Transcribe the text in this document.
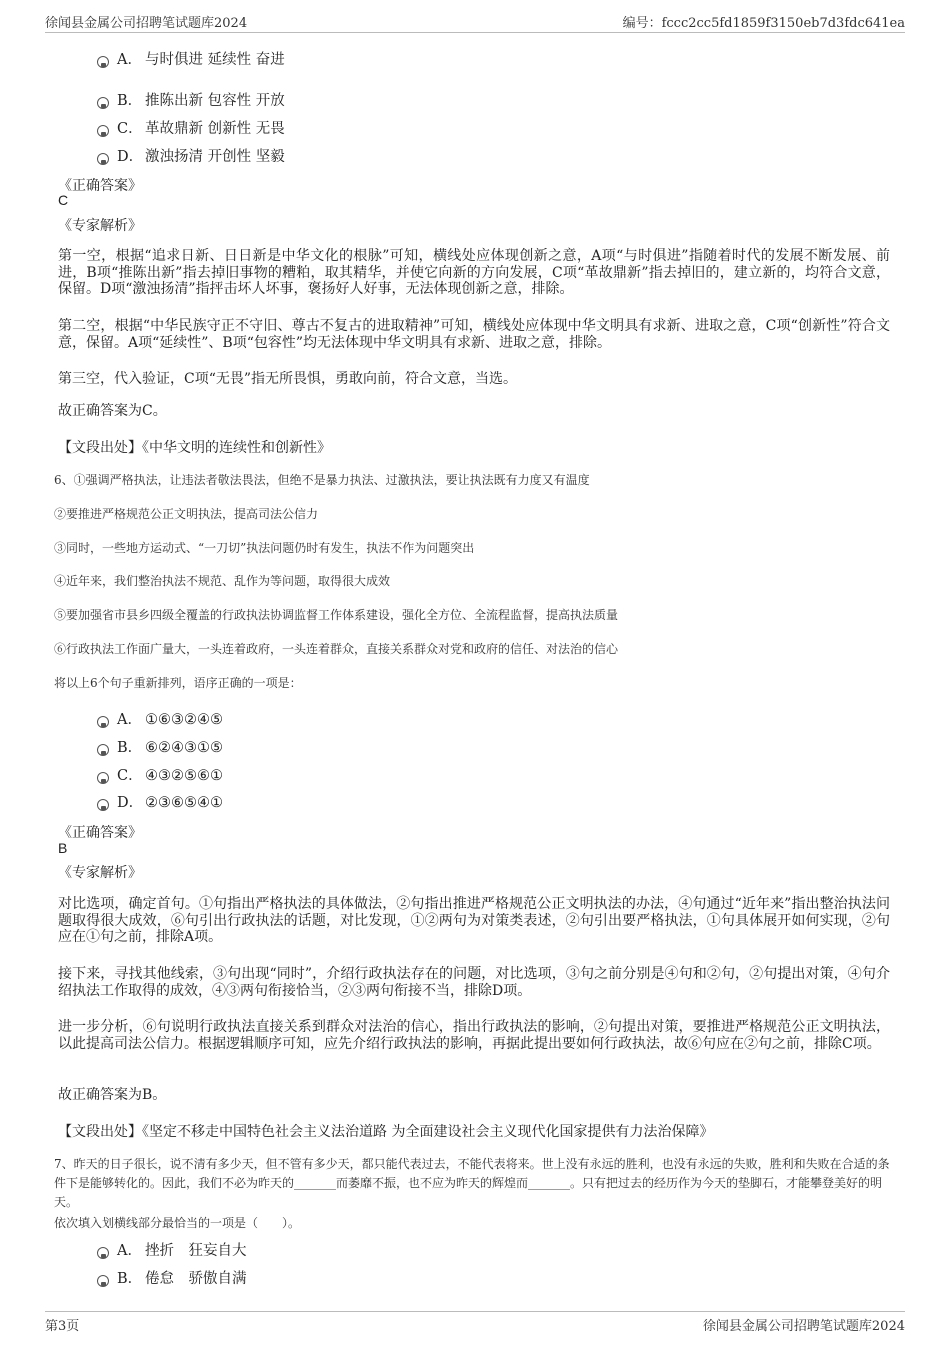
徐闻县金属公司招聘笔试题库2024	编号：fccc2cc5fd1859f3150eb7d3fdc641ea
A． 与时俱进 延续性 奋进
B． 推陈出新 包容性 开放
C． 革故鼎新 创新性 无畏
D． 激浊扬清 开创性 坚毅
《正确答案》
C
《专家解析》
第一空，根据“追求日新、日日新是中华文化的根脉”可知，横线处应体现创新之意，A项“与时俱进”指随着时代的发展不断发展、前进，B项“推陈出新”指去掉旧事物的糟粕，取其精华，并使它向新的方向发展，C项“革故鼎新”指去掉旧的，建立新的，均符合文意，保留。D项“激浊扬清”指抨击坏人坏事，褒扬好人好事，无法体现创新之意，排除。
第二空，根据“中华民族守正不守旧、尊古不复古的进取精神”可知，横线处应体现中华文明具有求新、进取之意，C项“创新性”符合文意，保留。A项“延续性”、B项“包容性”均无法体现中华文明具有求新、进取之意，排除。
第三空，代入验证，C项“无畏”指无所畏惧，勇敢向前，符合文意，当选。
故正确答案为C。
【文段出处】《中华文明的连续性和创新性》
6、①强调严格执法，让违法者敬法畏法，但绝不是暴力执法、过激执法，要让执法既有力度又有温度
②要推进严格规范公正文明执法，提高司法公信力
③同时，一些地方运动式、“一刀切”执法问题仍时有发生，执法不作为问题突出
④近年来，我们整治执法不规范、乱作为等问题，取得很大成效
⑤要加强省市县乡四级全覆盖的行政执法协调监督工作体系建设，强化全方位、全流程监督，提高执法质量
⑥行政执法工作面广量大，一头连着政府，一头连着群众，直接关系群众对党和政府的信任、对法治的信心
将以上6个句子重新排列，语序正确的一项是：
A． ①⑥③②④⑤
B． ⑥②④③①⑤
C． ④③②⑤⑥①
D． ②③⑥⑤④①
《正确答案》
B
《专家解析》
对比选项，确定首句。①句指出严格执法的具体做法，②句指出推进严格规范公正文明执法的办法，④句通过“近年来”指出整治执法问题取得很大成效，⑥句引出行政执法的话题，对比发现，①②两句为对策类表述，②句引出要严格执法，①句具体展开如何实现，②句应在①句之前，排除A项。
接下来，寻找其他线索，③句出现“同时”，介绍行政执法存在的问题，对比选项，③句之前分别是④句和②句，②句提出对策，④句介绍执法工作取得的成效，④③两句衔接恰当，②③两句衔接不当，排除D项。
进一步分析，⑥句说明行政执法直接关系到群众对法治的信心，指出行政执法的影响，②句提出对策，要推进严格规范公正文明执法，以此提高司法公信力。根据逻辑顺序可知，应先介绍行政执法的影响，再据此提出要如何行政执法，故⑥句应在②句之前，排除C项。
故正确答案为B。
【文段出处】《坚定不移走中国特色社会主义法治道路 为全面建设社会主义现代化国家提供有力法治保障》
7、昨天的日子很长，说不清有多少天，但不管有多少天，都只能代表过去，不能代表将来。世上没有永远的胜利，也没有永远的失败，胜利和失败在合适的条件下是能够转化的。因此，我们不必为昨天的_______而萎靡不振，也不应为昨天的辉煌而_______。只有把过去的经历作为今天的垫脚石，才能攀登美好的明天。
依次填入划横线部分最恰当的一项是（　　）。
A． 挫折　狂妄自大
B． 倦怠　骄傲自满
第3页	徐闻县金属公司招聘笔试题库2024
